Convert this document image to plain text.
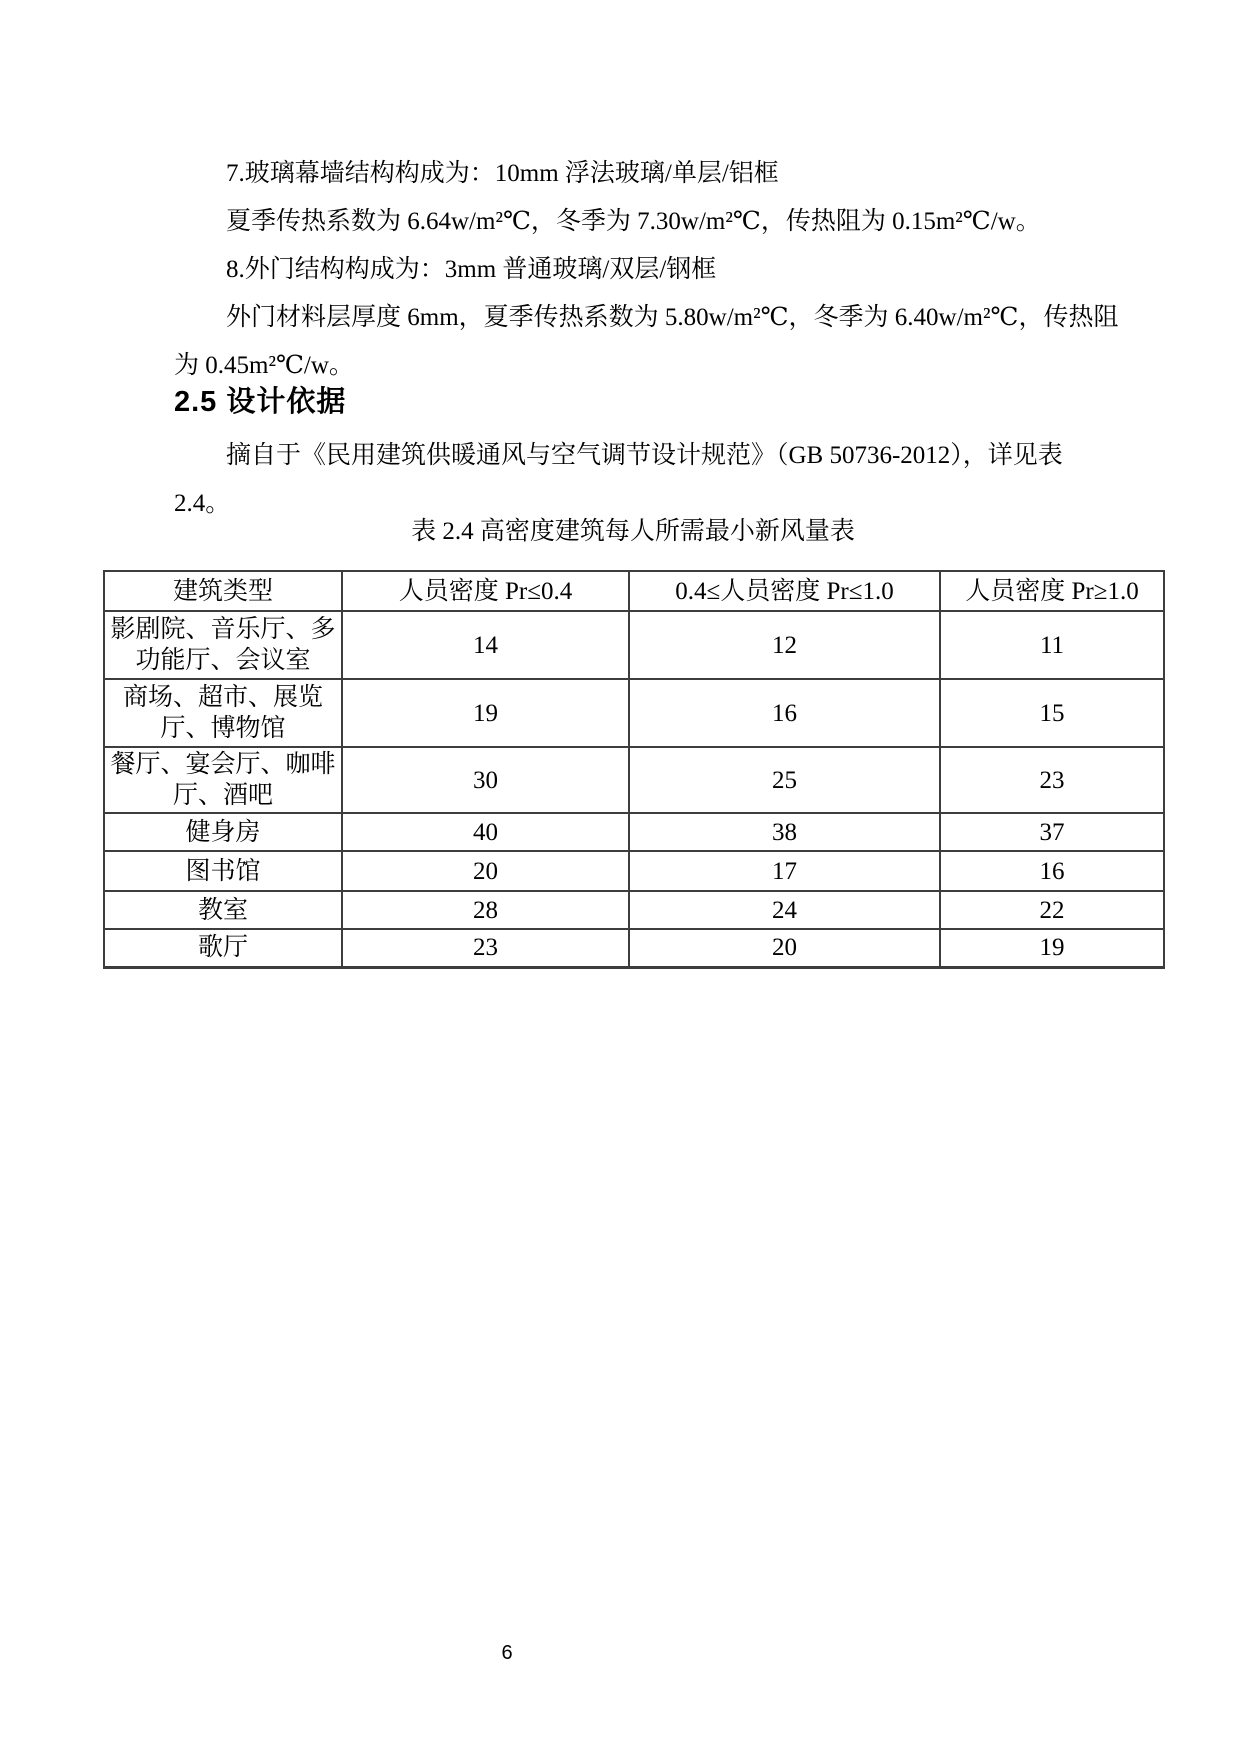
7.玻璃幕墙结构构成为：10mm 浮法玻璃/单层/铝框
夏季传热系数为 6.64w/m²℃，冬季为 7.30w/m²℃，传热阻为 0.15m²℃/w。
8.外门结构构成为：3mm 普通玻璃/双层/钢框
外门材料层厚度 6mm，夏季传热系数为 5.80w/m²℃，冬季为 6.40w/m²℃，传热阻
为 0.45m²℃/w。
2.5 设计依据
摘自于《民用建筑供暖通风与空气调节设计规范》（GB 50736-2012），详见表
2.4。
表 2.4 高密度建筑每人所需最小新风量表
建筑类型	人员密度 Pr≤0.4	0.4≤人员密度 Pr≤1.0	人员密度 Pr≥1.0
影剧院、音乐厅、多功能厅、会议室	14	12	11
商场、超市、展览厅、博物馆	19	16	15
餐厅、宴会厅、咖啡厅、酒吧	30	25	23
健身房	40	38	37
图书馆	20	17	16
教室	28	24	22
歌厅	23	20	19
6
